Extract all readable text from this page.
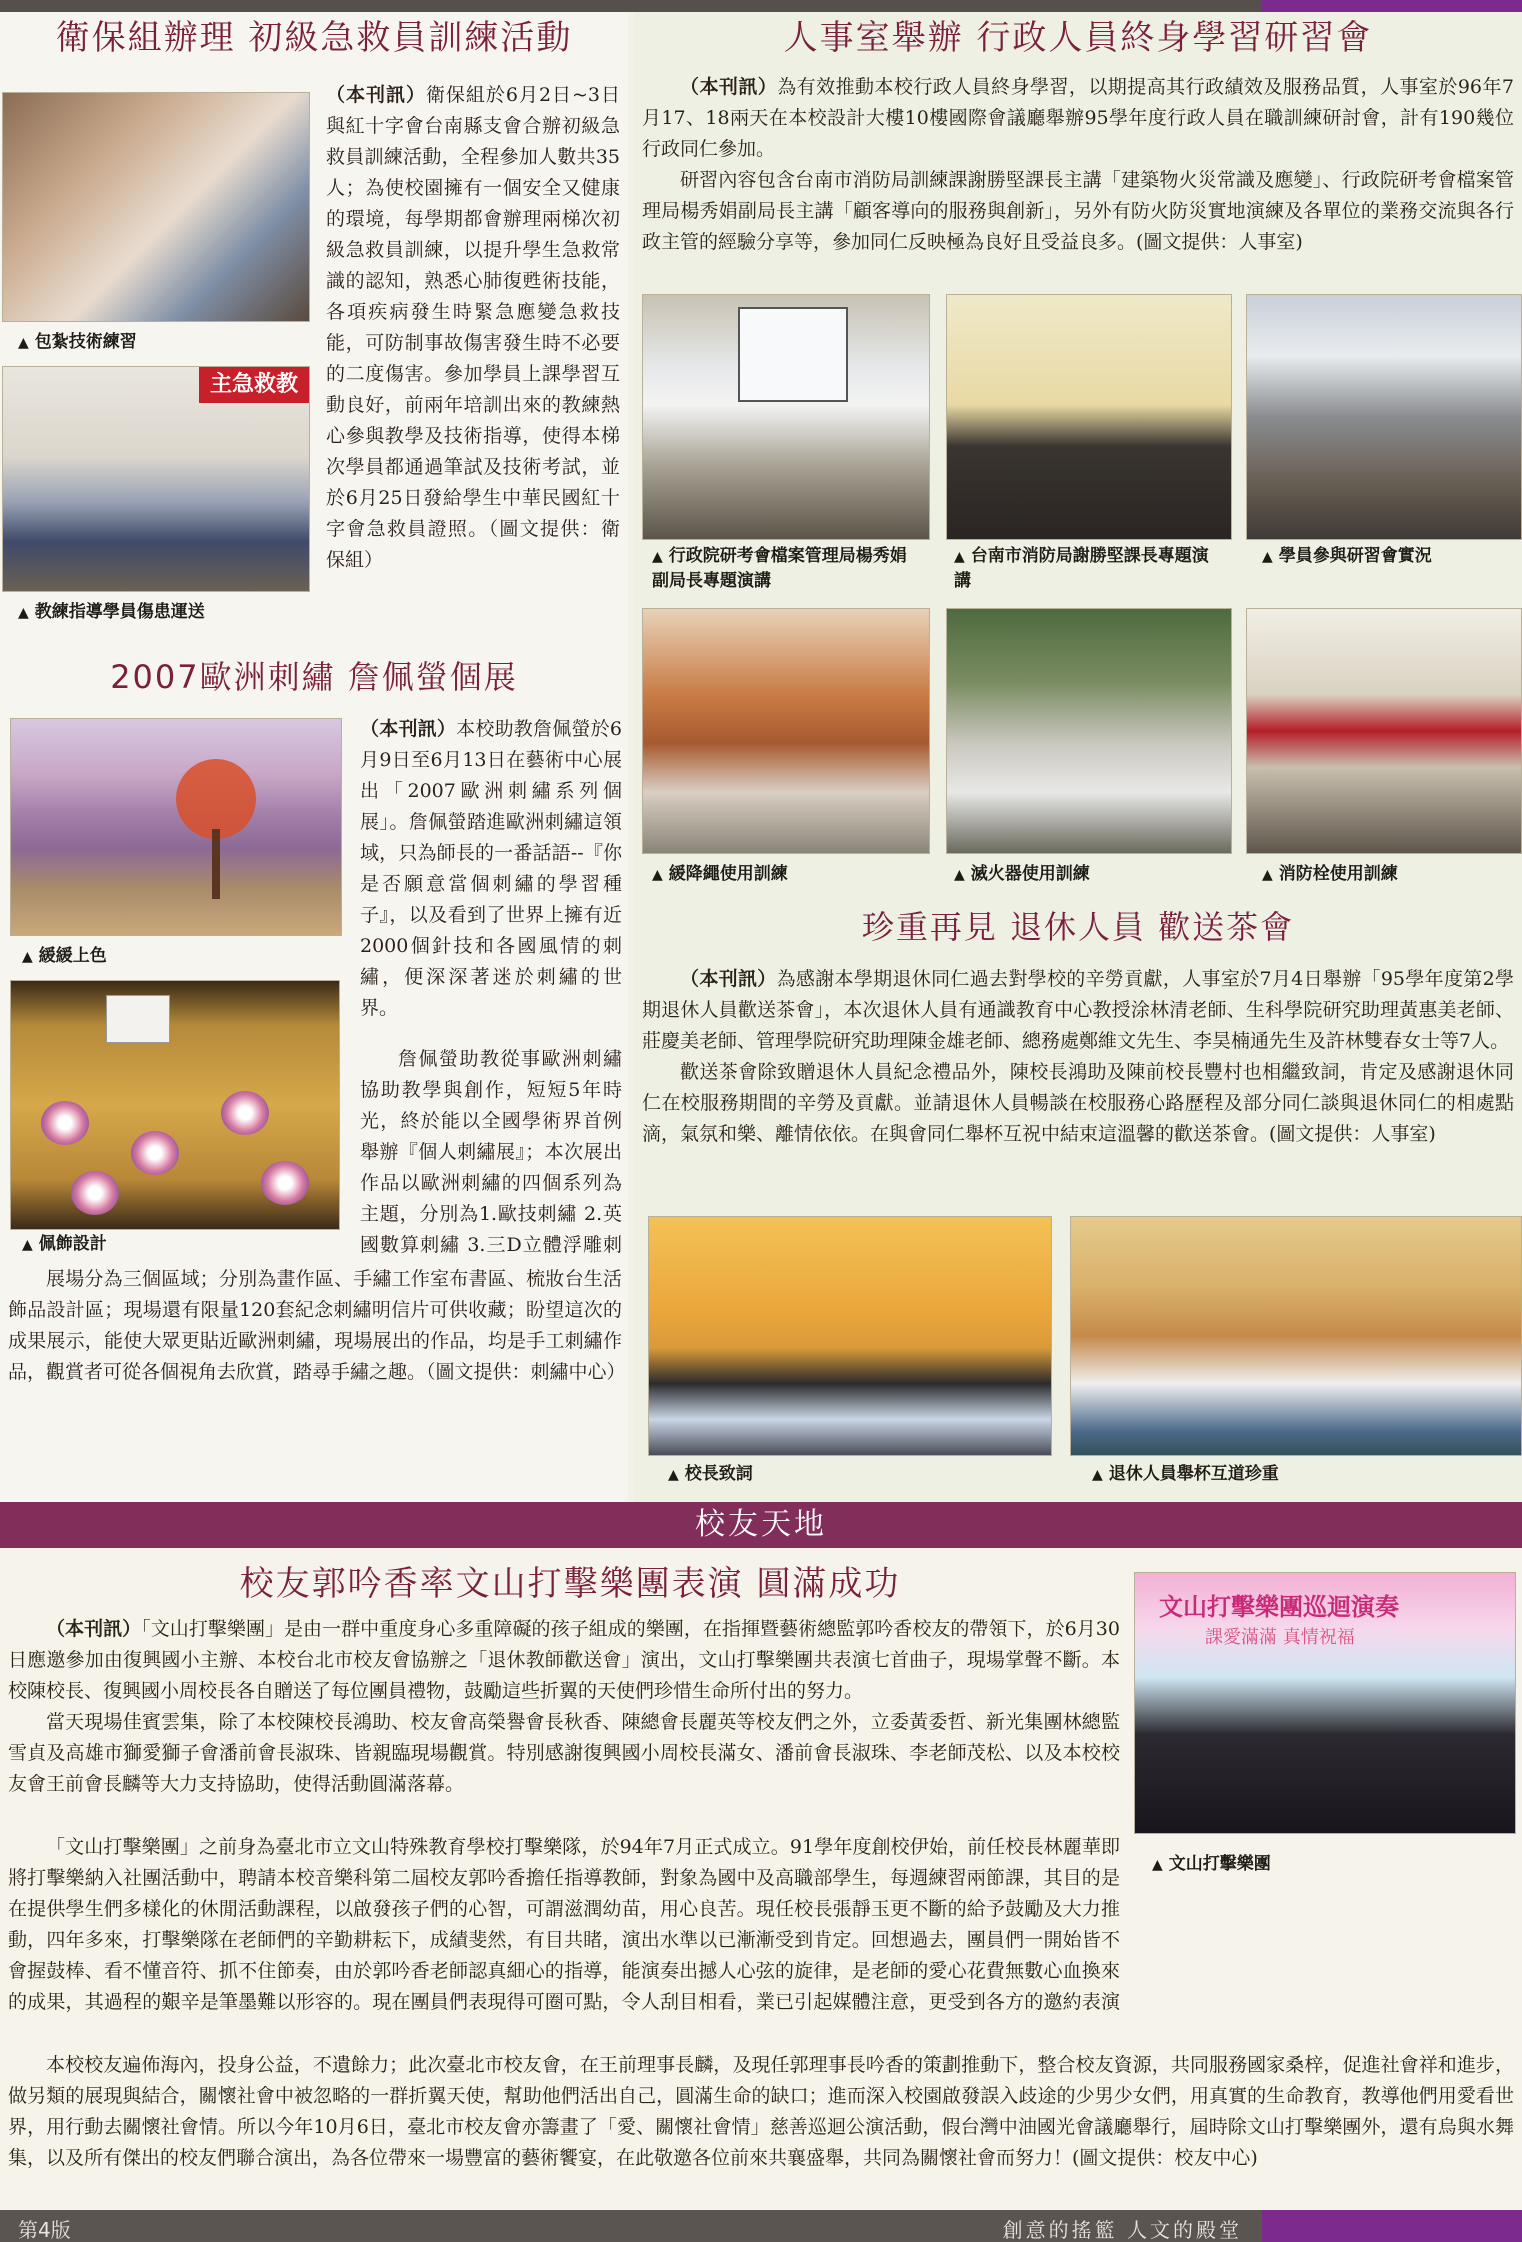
衛保組辦理 初級急救員訓練活動
▲ 包紮技術練習
主急救教
▲ 教練指導學員傷患運送
（本刊訊）衛保組於6月2日~3日與紅十字會台南縣支會合辦初級急救員訓練活動，全程參加人數共35人；為使校園擁有一個安全又健康的環境，每學期都會辦理兩梯次初級急救員訓練，以提升學生急救常識的認知，熟悉心肺復甦術技能，各項疾病發生時緊急應變急救技能，可防制事故傷害發生時不必要的二度傷害。參加學員上課學習互動良好，前兩年培訓出來的教練熱心參與教學及技術指導，使得本梯次學員都通過筆試及技術考試，並於6月25日發給學生中華民國紅十字會急救員證照。（圖文提供：衛保組）
2007歐洲刺繡 詹佩螢個展
▲ 緩緩上色
▲ 佩飾設計
（本刊訊）本校助教詹佩螢於6月9日至6月13日在藝術中心展出「2007歐洲刺繡系列個展」。詹佩螢踏進歐洲刺繡這領域，只為師長的一番話語--『你是否願意當個刺繡的學習種子』，以及看到了世界上擁有近2000個針技和各國風情的刺繡，便深深著迷於刺繡的世界。

詹佩螢助教從事歐洲刺繡協助教學與創作，短短5年時光，終於能以全國學術界首例舉辦『個人刺繡展』；本次展出作品以歐洲刺繡的四個系列為主題，分別為1.歐技刺繡 2.英國數算刺繡 3.三D立體浮雕刺

展場分為三個區域；分別為畫作區、手繡工作室布書區、梳妝台生活飾品設計區；現場還有限量120套紀念刺繡明信片可供收藏；盼望這次的成果展示，能使大眾更貼近歐洲刺繡，現場展出的作品，均是手工刺繡作品，觀賞者可從各個視角去欣賞，踏尋手繡之趣。（圖文提供：刺繡中心）

人事室舉辦 行政人員終身學習研習會

（本刊訊）為有效推動本校行政人員終身學習，以期提高其行政績效及服務品質，人事室於96年7月17、18兩天在本校設計大樓10樓國際會議廳舉辦95學年度行政人員在職訓練研討會，計有190幾位行政同仁參加。

研習內容包含台南市消防局訓練課謝勝堅課長主講「建築物火災常識及應變」、行政院研考會檔案管理局楊秀娟副局長主講「顧客導向的服務與創新」，另外有防火防災實地演練及各單位的業務交流與各行政主管的經驗分享等，參加同仁反映極為良好且受益良多。(圖文提供：人事室)

▲ 行政院研考會檔案管理局楊秀娟副局長專題演講
▲ 台南市消防局謝勝堅課長專題演講
▲ 學員參與研習會實況
▲ 緩降繩使用訓練	▲ 滅火器使用訓練	▲ 消防栓使用訓練
珍重再見 退休人員 歡送茶會

（本刊訊）為感謝本學期退休同仁過去對學校的辛勞貢獻，人事室於7月4日舉辦「95學年度第2學期退休人員歡送茶會」，本次退休人員有通識教育中心教授涂林清老師、生科學院研究助理黃惠美老師、莊慶美老師、管理學院研究助理陳金雄老師、總務處鄭維文先生、李昊楠通先生及許林雙春女士等7人。

歡送茶會除致贈退休人員紀念禮品外，陳校長鴻助及陳前校長豐村也相繼致詞，肯定及感謝退休同仁在校服務期間的辛勞及貢獻。並請退休人員暢談在校服務心路歷程及部分同仁談與退休同仁的相處點滴，氣氛和樂、離情依依。在與會同仁舉杯互祝中結束這溫馨的歡送茶會。(圖文提供：人事室)

▲ 校長致詞	▲ 退休人員舉杯互道珍重
校友天地
校友郭吟香率文山打擊樂團表演 圓滿成功
文山打擊樂團巡迴演奏
課愛滿滿 真情祝福
▲ 文山打擊樂團

（本刊訊）「文山打擊樂團」是由一群中重度身心多重障礙的孩子組成的樂團，在指揮暨藝術總監郭吟香校友的帶領下，於6月30日應邀參加由復興國小主辦、本校台北市校友會協辦之「退休教師歡送會」演出，文山打擊樂團共表演七首曲子，現場掌聲不斷。本校陳校長、復興國小周校長各自贈送了每位團員禮物，鼓勵這些折翼的天使們珍惜生命所付出的努力。

當天現場佳賓雲集，除了本校陳校長鴻助、校友會高榮譽會長秋香、陳總會長麗英等校友們之外，立委黃委哲、新光集團林總監雪貞及高雄市獅愛獅子會潘前會長淑珠、皆親臨現場觀賞。特別感謝復興國小周校長滿女、潘前會長淑珠、李老師茂松、以及本校校友會王前會長麟等大力支持協助，使得活動圓滿落幕。

「文山打擊樂團」之前身為臺北市立文山特殊教育學校打擊樂隊，於94年7月正式成立。91學年度創校伊始，前任校長林麗華即將打擊樂納入社團活動中，聘請本校音樂科第二屆校友郭吟香擔任指導教師，對象為國中及高職部學生，每週練習兩節課，其目的是在提供學生們多樣化的休閒活動課程，以啟發孩子們的心智，可謂滋潤幼苗，用心良苦。現任校長張靜玉更不斷的給予鼓勵及大力推動，四年多來，打擊樂隊在老師們的辛勤耕耘下，成績斐然，有目共睹，演出水準以已漸漸受到肯定。回想過去，團員們一開始皆不會握鼓棒、看不懂音符、抓不住節奏，由於郭吟香老師認真細心的指導，能演奏出撼人心弦的旋律，是老師的愛心花費無數心血換來的成果，其過程的艱辛是筆墨難以形容的。現在團員們表現得可圈可點，令人刮目相看，業已引起媒體注意，更受到各方的邀約表演

本校校友遍佈海內，投身公益，不遺餘力；此次臺北市校友會，在王前理事長麟，及現任郭理事長吟香的策劃推動下，整合校友資源，共同服務國家桑梓，促進社會祥和進步，做另類的展現與結合，關懷社會中被忽略的一群折翼天使，幫助他們活出自己，圓滿生命的缺口；進而深入校園啟發誤入歧途的少男少女們，用真實的生命教育，教導他們用愛看世界，用行動去關懷社會情。所以今年10月6日，臺北市校友會亦籌畫了「愛、關懷社會情」慈善巡迴公演活動，假台灣中油國光會議廳舉行，屆時除文山打擊樂團外，還有烏與水舞集，以及所有傑出的校友們聯合演出，為各位帶來一場豐富的藝術饗宴，在此敬邀各位前來共襄盛舉，共同為關懷社會而努力！(圖文提供：校友中心)

第4版	創意的搖籃 人文的殿堂
